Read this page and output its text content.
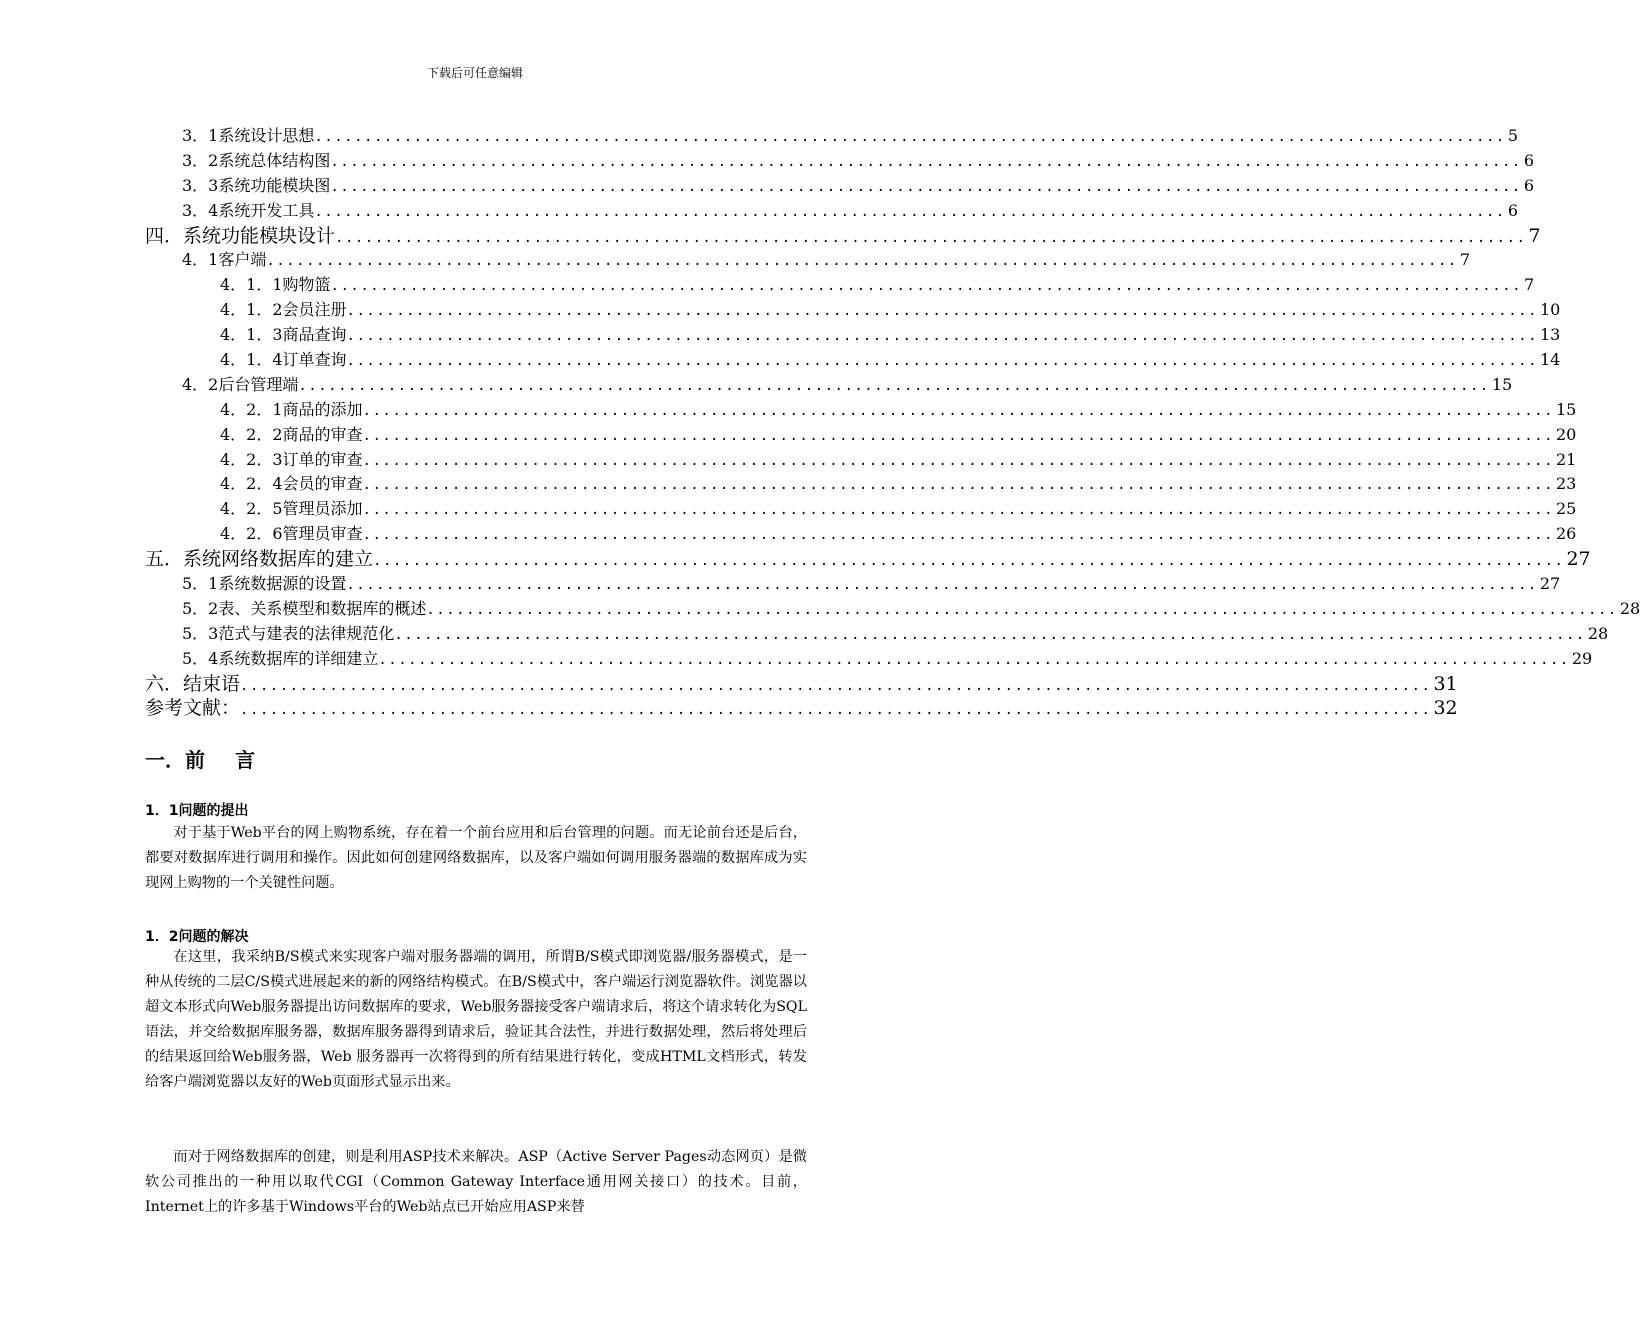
下载后可任意编辑
3．1系统设计思想 ........................................................................................................................ 5
3．2系统总体结构图 ........................................................................................................................ 6
3．3系统功能模块图 ........................................................................................................................ 6
3．4系统开发工具 ........................................................................................................................ 6
四．系统功能模块设计 ........................................................................................................................ 7
4．1客户端 ........................................................................................................................ 7
4．1．1购物篮 ........................................................................................................................ 7
4．1．2会员注册 ........................................................................................................................ 10
4．1．3商品查询 ........................................................................................................................ 13
4．1．4订单查询 ........................................................................................................................ 14
4．2后台管理端 ........................................................................................................................ 15
4．2．1商品的添加 ........................................................................................................................ 15
4．2．2商品的审查 ........................................................................................................................ 20
4．2．3订单的审查 ........................................................................................................................ 21
4．2．4会员的审查 ........................................................................................................................ 23
4．2．5管理员添加 ........................................................................................................................ 25
4．2．6管理员审查 ........................................................................................................................ 26
五．系统网络数据库的建立 ........................................................................................................................ 27
5．1系统数据源的设置 ........................................................................................................................ 27
5．2表、关系模型和数据库的概述 ........................................................................................................................ 28
5．3范式与建表的法律规范化 ........................................................................................................................ 28
5．4系统数据库的详细建立 ........................................................................................................................ 29
六．结束语 ........................................................................................................................ 31
参考文献： ........................................................................................................................ 32
一．前 言
1．1问题的提出
对于基于Web平台的网上购物系统，存在着一个前台应用和后台管理的问题。而无论前台还是后台，都要对数据库进行调用和操作。因此如何创建网络数据库，以及客户端如何调用服务器端的数据库成为实现网上购物的一个关键性问题。
1．2问题的解决
在这里，我采纳B/S模式来实现客户端对服务器端的调用，所谓B/S模式即浏览器/服务器模式，是一种从传统的二层C/S模式进展起来的新的网络结构模式。在B/S模式中，客户端运行浏览器软件。浏览器以超文本形式向Web服务器提出访问数据库的要求，Web服务器接受客户端请求后，将这个请求转化为SQL语法，并交给数据库服务器，数据库服务器得到请求后，验证其合法性，并进行数据处理，然后将处理后的结果返回给Web服务器，Web 服务器再一次将得到的所有结果进行转化，变成HTML文档形式，转发给客户端浏览器以友好的Web页面形式显示出来。
而对于网络数据库的创建，则是利用ASP技术来解决。ASP（Active Server Pages动态网页）是微软公司推出的一种用以取代CGI（Common Gateway Interface通用网关接口）的技术。目前，Internet上的许多基于Windows平台的Web站点已开始应用ASP来替
